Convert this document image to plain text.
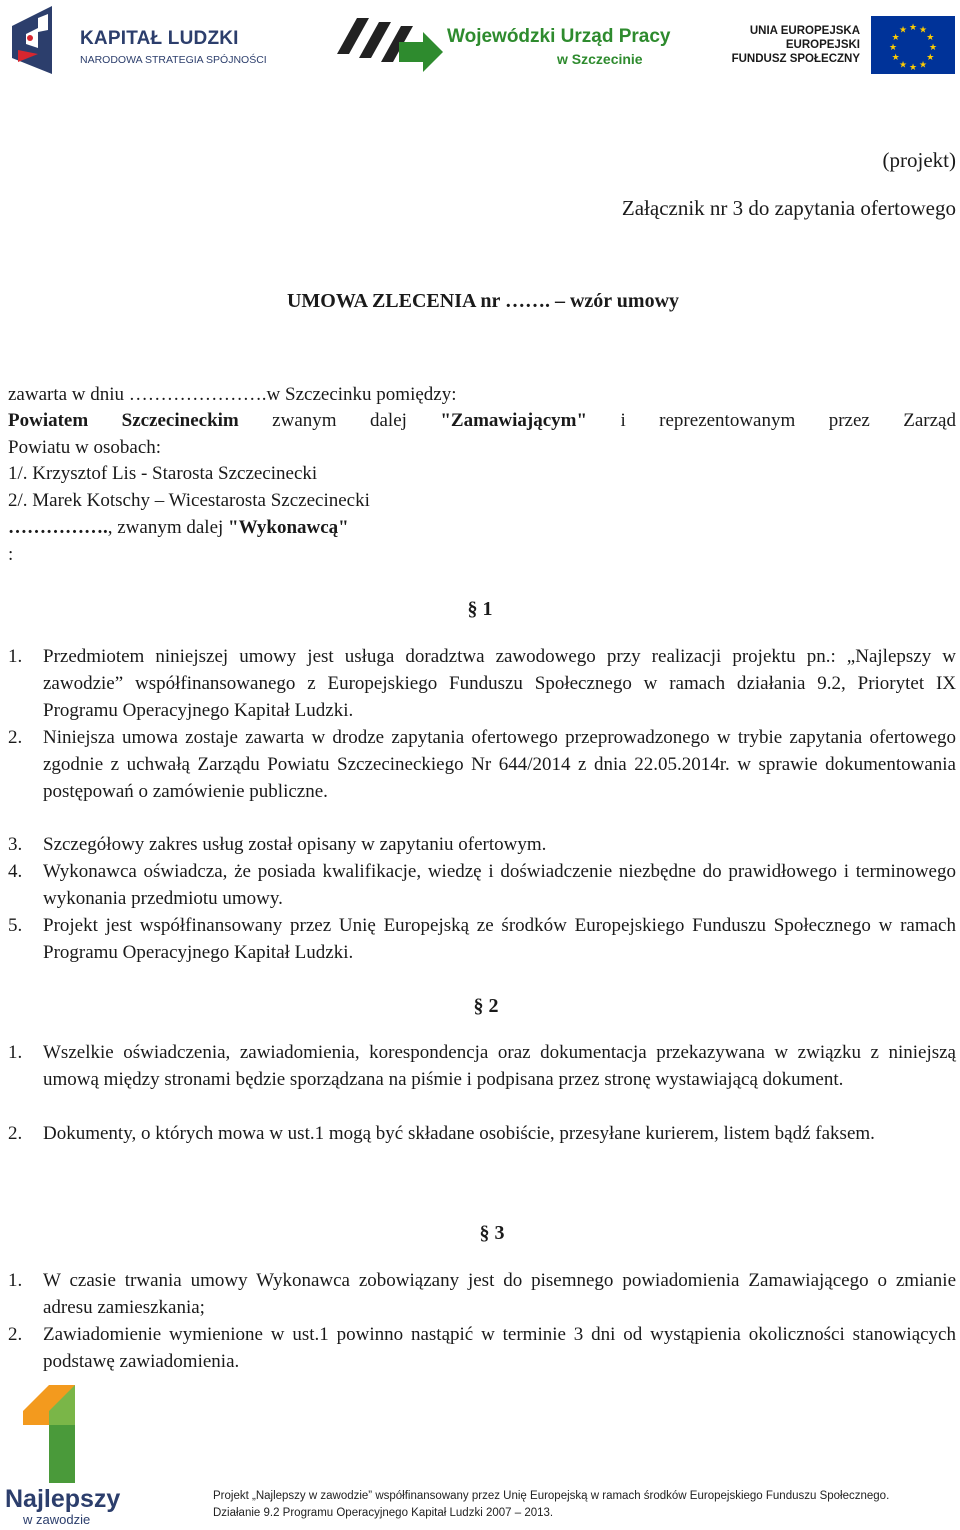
KAPITAŁ LUDZKI
NARODOWA STRATEGIA SPÓJNOŚCI
Wojewódzki Urząd Pracy
w Szczecinie
UNIA EUROPEJSKA
EUROPEJSKI
FUNDUSZ SPOŁECZNY
★ ★
★
★
★
★
★
★
★
★
★
★
(projekt)
Załącznik nr 3 do zapytania ofertowego
UMOWA ZLECENIA nr ……. – wzór umowy
zawarta w dniu ………………….w Szczecinku pomiędzy:
Powiatem Szczecineckim zwanym dalej "Zamawiającym" i reprezentowanym przez Zarząd
Powiatu w osobach:
1/. Krzysztof Lis - Starosta Szczecinecki
2/. Marek Kotschy – Wicestarosta Szczecinecki
……………., zwanym dalej "Wykonawcą"
:
§ 1
1. Przedmiotem niniejszej umowy jest usługa doradztwa zawodowego przy realizacji projektu pn.: „Najlepszy w zawodzie” współfinansowanego z Europejskiego Funduszu Społecznego w ramach działania 9.2, Priorytet IX Programu Operacyjnego Kapitał Ludzki.
2. Niniejsza umowa zostaje zawarta w drodze zapytania ofertowego przeprowadzonego w trybie zapytania ofertowego zgodnie z uchwałą Zarządu Powiatu Szczecineckiego Nr 644/2014 z dnia 22.05.2014r. w sprawie dokumentowania postępowań o zamówienie publiczne.
3. Szczegółowy zakres usług został opisany w zapytaniu ofertowym.
4. Wykonawca oświadcza, że posiada kwalifikacje, wiedzę i doświadczenie niezbędne do prawidłowego i terminowego wykonania przedmiotu umowy.
5. Projekt jest współfinansowany przez Unię Europejską ze środków Europejskiego Funduszu Społecznego w ramach Programu Operacyjnego Kapitał Ludzki.
§ 2
1. Wszelkie oświadczenia, zawiadomienia, korespondencja oraz dokumentacja przekazywana w związku z niniejszą umową między stronami będzie sporządzana na piśmie i podpisana przez stronę wystawiającą dokument.
2. Dokumenty, o których mowa w ust.1 mogą być składane osobiście, przesyłane kurierem, listem bądź faksem.
§ 3
1. W czasie trwania umowy Wykonawca zobowiązany jest do pisemnego powiadomienia Zamawiającego o zmianie adresu zamieszkania;
2. Zawiadomienie wymienione w ust.1 powinno nastąpić w terminie 3 dni od wystąpienia okoliczności stanowiących podstawę zawiadomienia.
Najlepszy
w zawodzie
Projekt „Najlepszy w zawodzie” współfinansowany przez Unię Europejską w ramach środków Europejskiego Funduszu Społecznego.
Działanie 9.2 Programu Operacyjnego Kapitał Ludzki 2007 – 2013.
